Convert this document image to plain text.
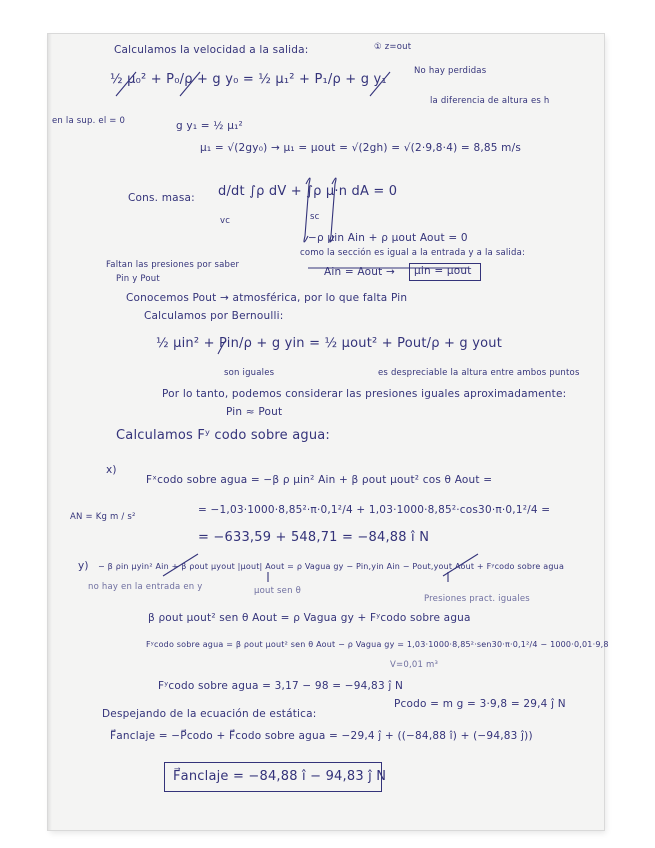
Calculamos la velocidad a la salida:	① z=out
½ μ₀² + P₀/ρ + g y₀ = ½ μ₁² + P₁/ρ + g y₁
No hay perdidas
la diferencia de altura es h
en la sup. el = 0	g y₁ = ½ μ₁²
μ₁ = √(2gy₀) → μ₁ = μout = √(2gh) = √(2·9,8·4) = 8,85 m/s
Cons. masa: d/dt ∫ρ dV + ∫ρ μ·n dA = 0
vc	sc
−ρ μin Ain + ρ μout Aout = 0
como la sección es igual a la entrada y a la salida:
Faltan las presiones por saber
Pin y Pout
Ain = Aout → μin = μout
Conocemos Pout → atmosférica, por lo que falta Pin
Calculamos por Bernoulli:
½ μin² + Pin/ρ + g yin = ½ μout² + Pout/ρ + g yout
son iguales	es despreciable la altura entre ambos puntos
Por lo tanto, podemos considerar las presiones iguales aproximadamente:
Pin ≈ Pout
Calculamos Fʸ codo sobre agua:
x)
Fˣcodo sobre agua = −β ρ μin² Ain + β ρout μout² cos θ Aout =
= −1,03·1000·8,85²·π·0,1²/4 + 1,03·1000·8,85²·cos30·π·0,1²/4 =
AN = Kg m / s²
= −633,59 + 548,71 = −84,88 î N
y) − β ρin μyin² Ain + β ρout μyout |μout| Aout = ρ Vagua gy − Pin,yin Ain − Pout,yout Aout + Fʸcodo sobre agua
no hay en la entrada en y	μout sen θ
Presiones pract. iguales
β ρout μout² sen θ Aout = ρ Vagua gy + Fʸcodo sobre agua
Fʸcodo sobre agua = β ρout μout² sen θ Aout − ρ Vagua gy = 1,03·1000·8,85²·sen30·π·0,1²/4 − 1000·0,01·9,8
V=0,01 m³
Fʸcodo sobre agua = 3,17 − 98 = −94,83 ĵ N
Pcodo = m g = 3·9,8 = 29,4 ĵ N
Despejando de la ecuación de estática:
F⃗anclaje = −P⃗codo + F⃗codo sobre agua = −29,4 ĵ + ((−84,88 î) + (−94,83 ĵ))
F⃗anclaje = −84,88 î − 94,83 ĵ N
